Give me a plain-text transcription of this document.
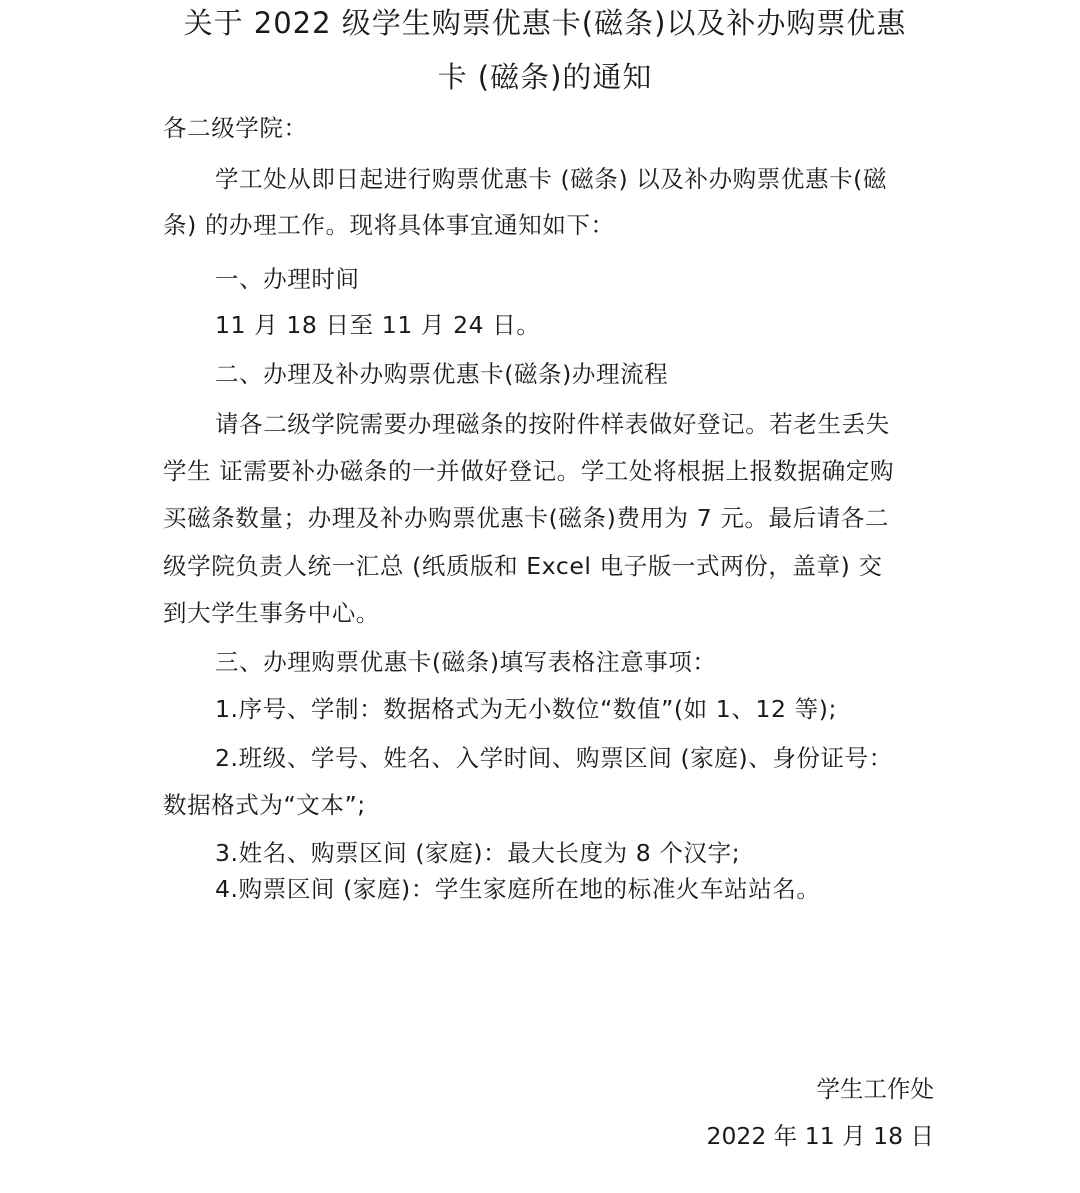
关于 2022 级学生购票优惠卡(磁条)以及补办购票优惠
卡 (磁条)的通知
各二级学院：
学工处从即日起进行购票优惠卡 (磁条) 以及补办购票优惠卡(磁
条) 的办理工作。现将具体事宜通知如下：
一、办理时间
11 月 18 日至 11 月 24 日。
二、办理及补办购票优惠卡(磁条)办理流程
请各二级学院需要办理磁条的按附件样表做好登记。若老生丢失
学生 证需要补办磁条的一并做好登记。学工处将根据上报数据确定购
买磁条数量；办理及补办购票优惠卡(磁条)费用为 7 元。最后请各二
级学院负责人统一汇总 (纸质版和 Excel 电子版一式两份，盖章) 交
到大学生事务中心。
三、办理购票优惠卡(磁条)填写表格注意事项：
1.序号、学制：数据格式为无小数位“数值”(如 1、12 等);
2.班级、学号、姓名、入学时间、购票区间 (家庭)、身份证号：
数据格式为“文本”;
3.姓名、购票区间 (家庭)：最大长度为 8 个汉字;
4.购票区间 (家庭)：学生家庭所在地的标准火车站站名。
学生工作处
2022 年 11 月 18 日
